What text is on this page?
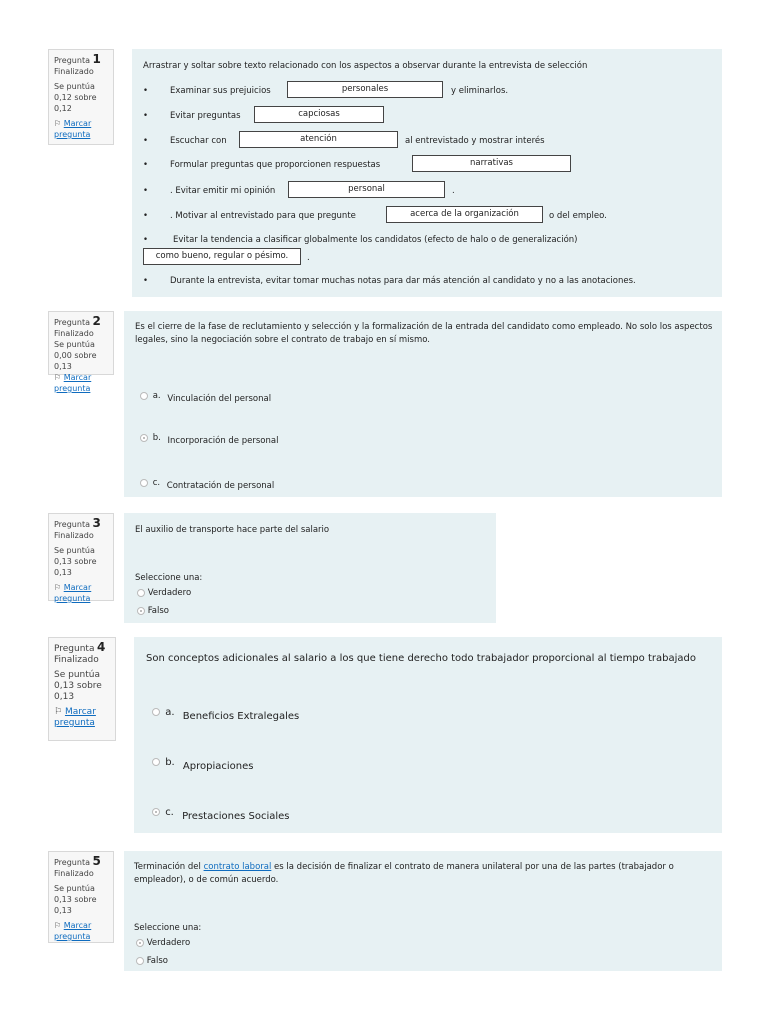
Pregunta 1
Finalizado
Se puntúa 0,12 sobre 0,12
⚐ Marcar pregunta
Arrastrar y soltar sobre texto relacionado con los aspectos a observar durante la entrevista de selección
•	Examinar sus prejuicios	personales	y eliminarlos.
•	Evitar preguntas	capciosas
•	Escuchar con	atención	al entrevistado y mostrar interés
•	Formular preguntas que proporcionen respuestas	narrativas
•	. Evitar emitir mi opinión	personal	.
•	. Motivar al entrevistado para que pregunte	acerca de la organización	o del empleo.
•	Evitar la tendencia a clasificar globalmente los candidatos (efecto de halo o de generalización)
como bueno, regular o pésimo.	.
•	Durante la entrevista, evitar tomar muchas notas para dar más atención al candidato y no a las anotaciones.
Pregunta 2
Finalizado
Se puntúa 0,00 sobre 0,13
⚐ Marcar pregunta
Es el cierre de la fase de reclutamiento y selección y la formalización de la entrada del candidato como empleado. No solo los aspectos legales, sino la negociación sobre el contrato de trabajo en sí mismo.
a. Vinculación del personal
b. Incorporación de personal
c. Contratación de personal
Pregunta 3
Finalizado
Se puntúa 0,13 sobre 0,13
⚐ Marcar pregunta
El auxilio de transporte hace parte del salario
Seleccione una:
Verdadero
Falso
Pregunta 4
Finalizado
Se puntúa 0,13 sobre 0,13
⚐ Marcar pregunta
Son conceptos adicionales al salario a los que tiene derecho todo trabajador proporcional al tiempo trabajado
a. Beneficios Extralegales
b. Apropiaciones
c. Prestaciones Sociales
Pregunta 5
Finalizado
Se puntúa 0,13 sobre 0,13
⚐ Marcar pregunta
Terminación del contrato laboral es la decisión de finalizar el contrato de manera unilateral por una de las partes (trabajador o empleador), o de común acuerdo.
Seleccione una:
Verdadero
Falso
